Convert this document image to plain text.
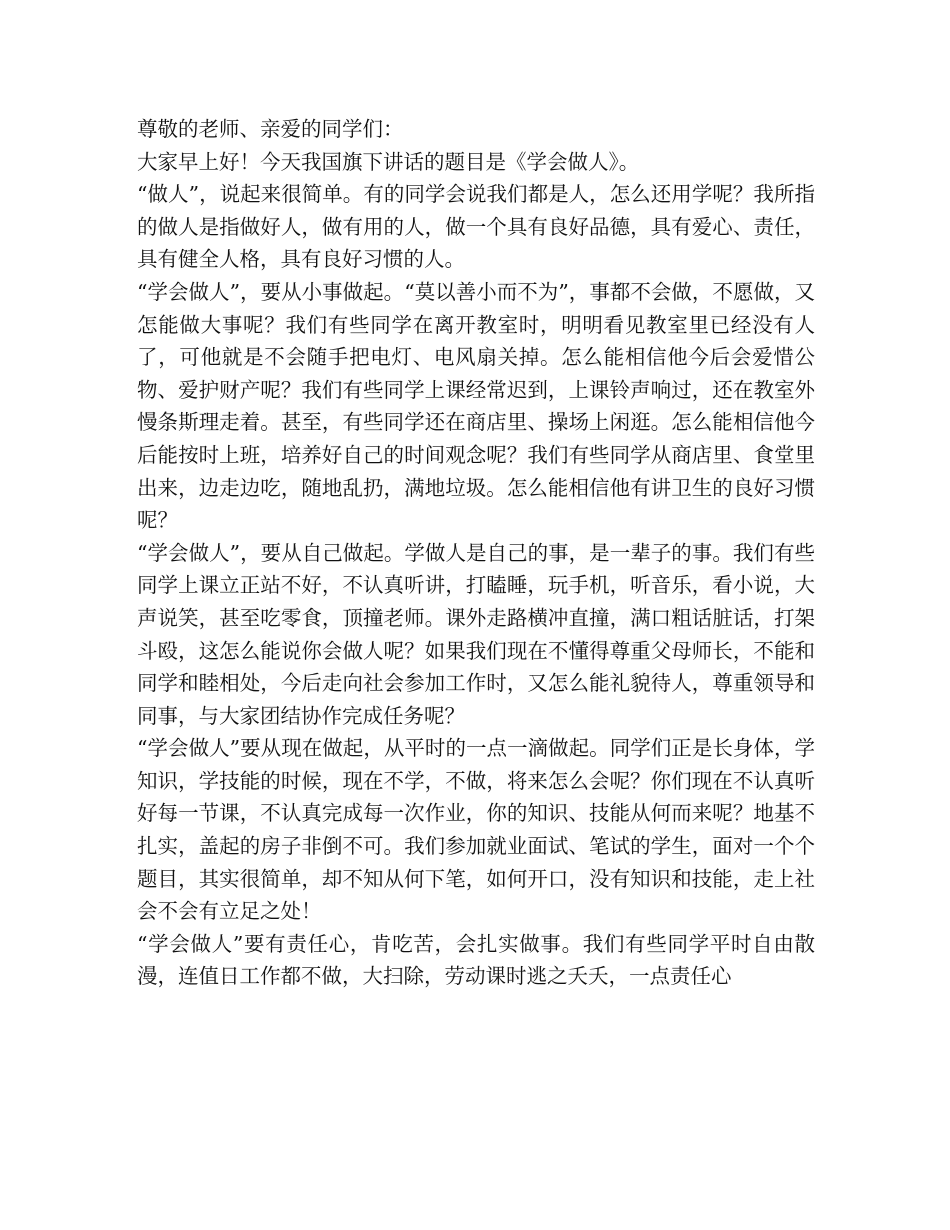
尊敬的老师、亲爱的同学们：

大家早上好！今天我国旗下讲话的题目是《学会做人》。

“做人”，说起来很简单。有的同学会说我们都是人，怎么还用学呢？我所指的做人是指做好人，做有用的人，做一个具有良好品德，具有爱心、责任，具有健全人格，具有良好习惯的人。

“学会做人”，要从小事做起。“莫以善小而不为”，事都不会做，不愿做，又怎能做大事呢？我们有些同学在离开教室时，明明看见教室里已经没有人了，可他就是不会随手把电灯、电风扇关掉。怎么能相信他今后会爱惜公物、爱护财产呢？我们有些同学上课经常迟到，上课铃声响过，还在教室外慢条斯理走着。甚至，有些同学还在商店里、操场上闲逛。怎么能相信他今后能按时上班，培养好自己的时间观念呢？我们有些同学从商店里、食堂里出来，边走边吃，随地乱扔，满地垃圾。怎么能相信他有讲卫生的良好习惯呢？

“学会做人”，要从自己做起。学做人是自己的事，是一辈子的事。我们有些同学上课立正站不好，不认真听讲，打瞌睡，玩手机，听音乐，看小说，大声说笑，甚至吃零食，顶撞老师。课外走路横冲直撞，满口粗话脏话，打架斗殴，这怎么能说你会做人呢？如果我们现在不懂得尊重父母师长，不能和同学和睦相处，今后走向社会参加工作时，又怎么能礼貌待人，尊重领导和同事，与大家团结协作完成任务呢？

“学会做人”要从现在做起，从平时的一点一滴做起。同学们正是长身体，学知识，学技能的时候，现在不学，不做，将来怎么会呢？你们现在不认真听好每一节课，不认真完成每一次作业，你的知识、技能从何而来呢？地基不扎实，盖起的房子非倒不可。我们参加就业面试、笔试的学生，面对一个个题目，其实很简单，却不知从何下笔，如何开口，没有知识和技能，走上社会不会有立足之处！

“学会做人”要有责任心，肯吃苦，会扎实做事。我们有些同学平时自由散漫，连值日工作都不做，大扫除，劳动课时逃之夭夭，一点责任心
